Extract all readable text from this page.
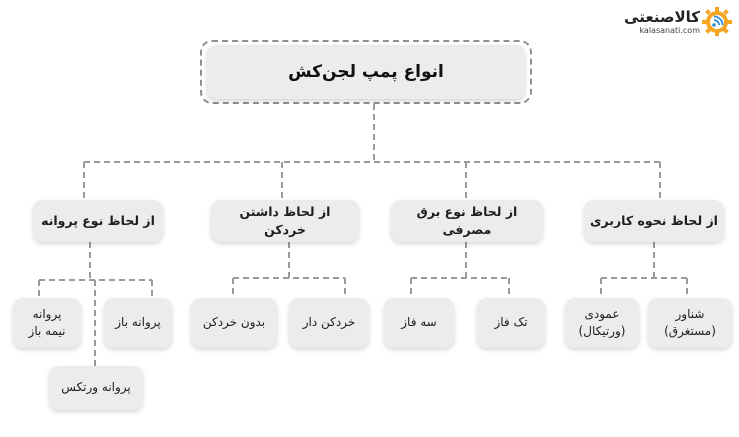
کالاصنعتی
kalasanati.com
انواع پمپ لجن‌کش
از لحاظ نحوه کاربری
از لحاظ نوع برق مصرفی
از لحاظ داشتن خردکن
از لحاظ نوع پروانه
شناور
(مستغرق)
عمودی
(ورتیکال)
تک فاز
سه فاز
خردکن دار
بدون خردکن
پروانه باز
پروانه
نیمه باز
پروانه ورتکس
